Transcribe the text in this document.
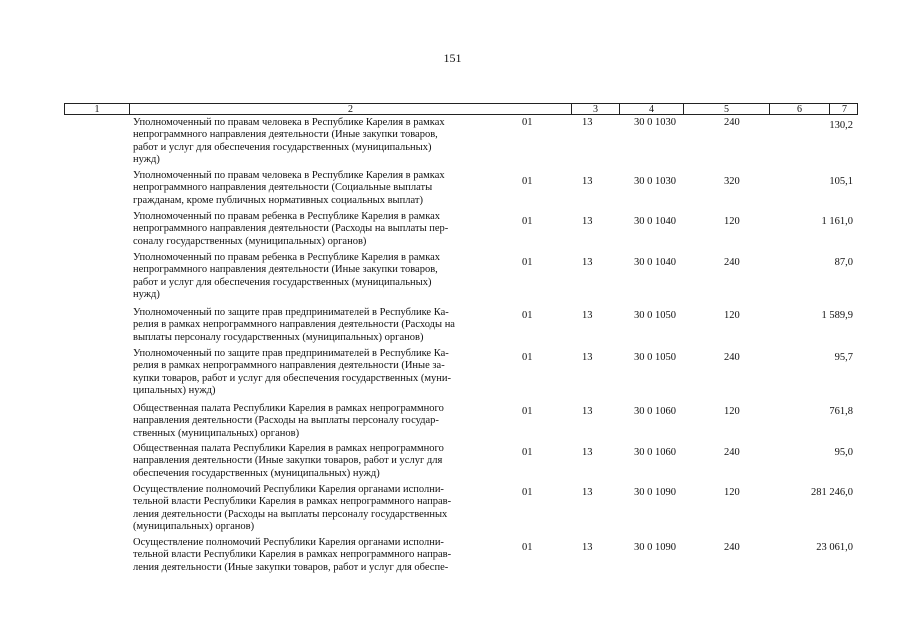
151
1	2	3	4	5	6	7
Уполномоченный по правам человека в Республике Карелия в рамках
непрограммного направления деятельности (Иные закупки товаров,
работ и услуг для обеспечения государственных (муниципальных)
нужд)
01	13	30 0 1030	240	130,2
Уполномоченный по правам человека в Республике Карелия в рамках
непрограммного направления деятельности (Социальные выплаты
гражданам, кроме публичных нормативных социальных выплат)
01	13	30 0 1030	320	105,1
Уполномоченный по правам ребенка в Республике Карелия в рамках
непрограммного направления деятельности (Расходы на выплаты пер-
соналу государственных (муниципальных) органов)
01	13	30 0 1040	120	1 161,0
Уполномоченный по правам ребенка в Республике Карелия в рамках
непрограммного направления деятельности (Иные закупки товаров,
работ и услуг для обеспечения государственных (муниципальных)
нужд)
01	13	30 0 1040	240	87,0
Уполномоченный по защите прав предпринимателей в Республике Ка-
релия в рамках непрограммного направления деятельности (Расходы на
выплаты персоналу государственных (муниципальных) органов)
01	13	30 0 1050	120	1 589,9
Уполномоченный по защите прав предпринимателей в Республике Ка-
релия в рамках непрограммного направления деятельности (Иные за-
купки товаров, работ и услуг для обеспечения государственных (муни-
ципальных) нужд)
01	13	30 0 1050	240	95,7
Общественная палата Республики Карелия в рамках непрограммного
направления деятельности (Расходы на выплаты персоналу государ-
ственных (муниципальных) органов)
01	13	30 0 1060	120	761,8
Общественная палата Республики Карелия в рамках непрограммного
направления деятельности (Иные закупки товаров, работ и услуг для
обеспечения государственных (муниципальных) нужд)
01	13	30 0 1060	240	95,0
Осуществление полномочий Республики Карелия органами исполни-
тельной власти Республики Карелия в рамках непрограммного направ-
ления деятельности (Расходы на выплаты персоналу государственных
(муниципальных) органов)
01	13	30 0 1090	120	281 246,0
Осуществление полномочий Республики Карелия органами исполни-
тельной власти Республики Карелия в рамках непрограммного направ-
ления деятельности (Иные закупки товаров, работ и услуг для обеспе-
01	13	30 0 1090	240	23 061,0
